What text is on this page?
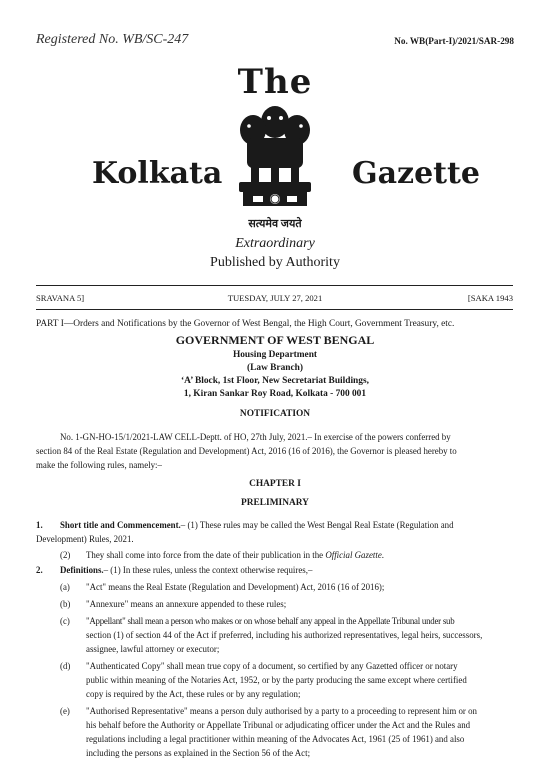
Registered No. WB/SC-247	No. WB(Part-I)/2021/SAR-298
The
Kolkata	Gazette
सत्यमेव जयते
Extraordinary
Published by Authority
SRAVANA 5]	TUESDAY, JULY 27, 2021	[SAKA 1943
PART I—Orders and Notifications by the Governor of West Bengal, the High Court, Government Treasury, etc.
GOVERNMENT OF WEST BENGAL
Housing Department
(Law Branch)
‘A’ Block, 1st Floor, New Secretariat Buildings,
1, Kiran Sankar Roy Road, Kolkata - 700 001
NOTIFICATION
No. 1-GN-HO-15/1/2021-LAW CELL-Deptt. of HO, 27th July, 2021.– In exercise of the powers conferred by
section 84 of the Real Estate (Regulation and Development) Act, 2016 (16 of 2016), the Governor is pleased hereby to
make the following rules, namely:–
CHAPTER I
PRELIMINARY
1. Short title and Commencement.– (1) These rules may be called the West Bengal Real Estate (Regulation and
Development) Rules, 2021.
(2) They shall come into force from the date of their publication in the Official Gazette.
2. Definitions.– (1) In these rules, unless the context otherwise requires,–
(a) "Act" means the Real Estate (Regulation and Development) Act, 2016 (16 of 2016);
(b) "Annexure" means an annexure appended to these rules;
(c) "Appellant" shall mean a person who makes or on whose behalf any appeal in the Appellate Tribunal under sub
section (1) of section 44 of the Act if preferred, including his authorized representatives, legal heirs, successors,
assignee, lawful attorney or executor;
(d) "Authenticated Copy" shall mean true copy of a document, so certified by any Gazetted officer or notary
public within meaning of the Notaries Act, 1952, or by the party producing the same except where certified
copy is required by the Act, these rules or by any regulation;
(e) "Authorised Representative" means a person duly authorised by a party to a proceeding to represent him or on
his behalf before the Authority or Appellate Tribunal or adjudicating officer under the Act and the Rules and
regulations including a legal practitioner within meaning of the Advocates Act, 1961 (25 of 1961) and also
including the persons as explained in the Section 56 of the Act;
